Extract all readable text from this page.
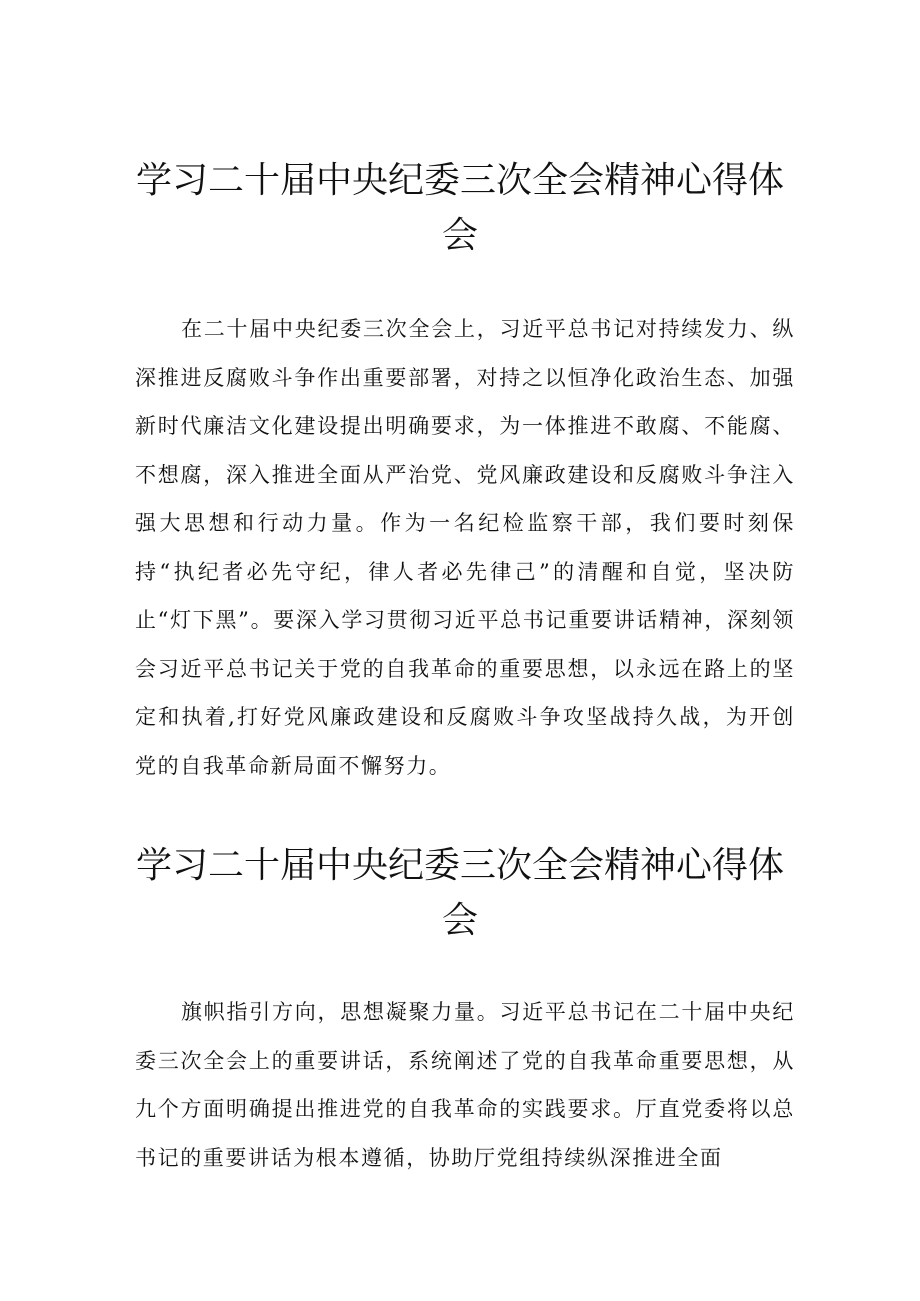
学习二十届中央纪委三次全会精神心得体会

在二十届中央纪委三次全会上，习近平总书记对持续发力、纵深推进反腐败斗争作出重要部署，对持之以恒净化政治生态、加强新时代廉洁文化建设提出明确要求，为一体推进不敢腐、不能腐、不想腐，深入推进全面从严治党、党风廉政建设和反腐败斗争注入强大思想和行动力量。作为一名纪检监察干部，我们要时刻保持“执纪者必先守纪，律人者必先律己”的清醒和自觉，坚决防止“灯下黑”。要深入学习贯彻习近平总书记重要讲话精神，深刻领会习近平总书记关于党的自我革命的重要思想，以永远在路上的坚定和执着,打好党风廉政建设和反腐败斗争攻坚战持久战，为开创党的自我革命新局面不懈努力。

学习二十届中央纪委三次全会精神心得体会

旗帜指引方向，思想凝聚力量。习近平总书记在二十届中央纪委三次全会上的重要讲话，系统阐述了党的自我革命重要思想，从九个方面明确提出推进党的自我革命的实践要求。厅直党委将以总书记的重要讲话为根本遵循，协助厅党组持续纵深推进全面
